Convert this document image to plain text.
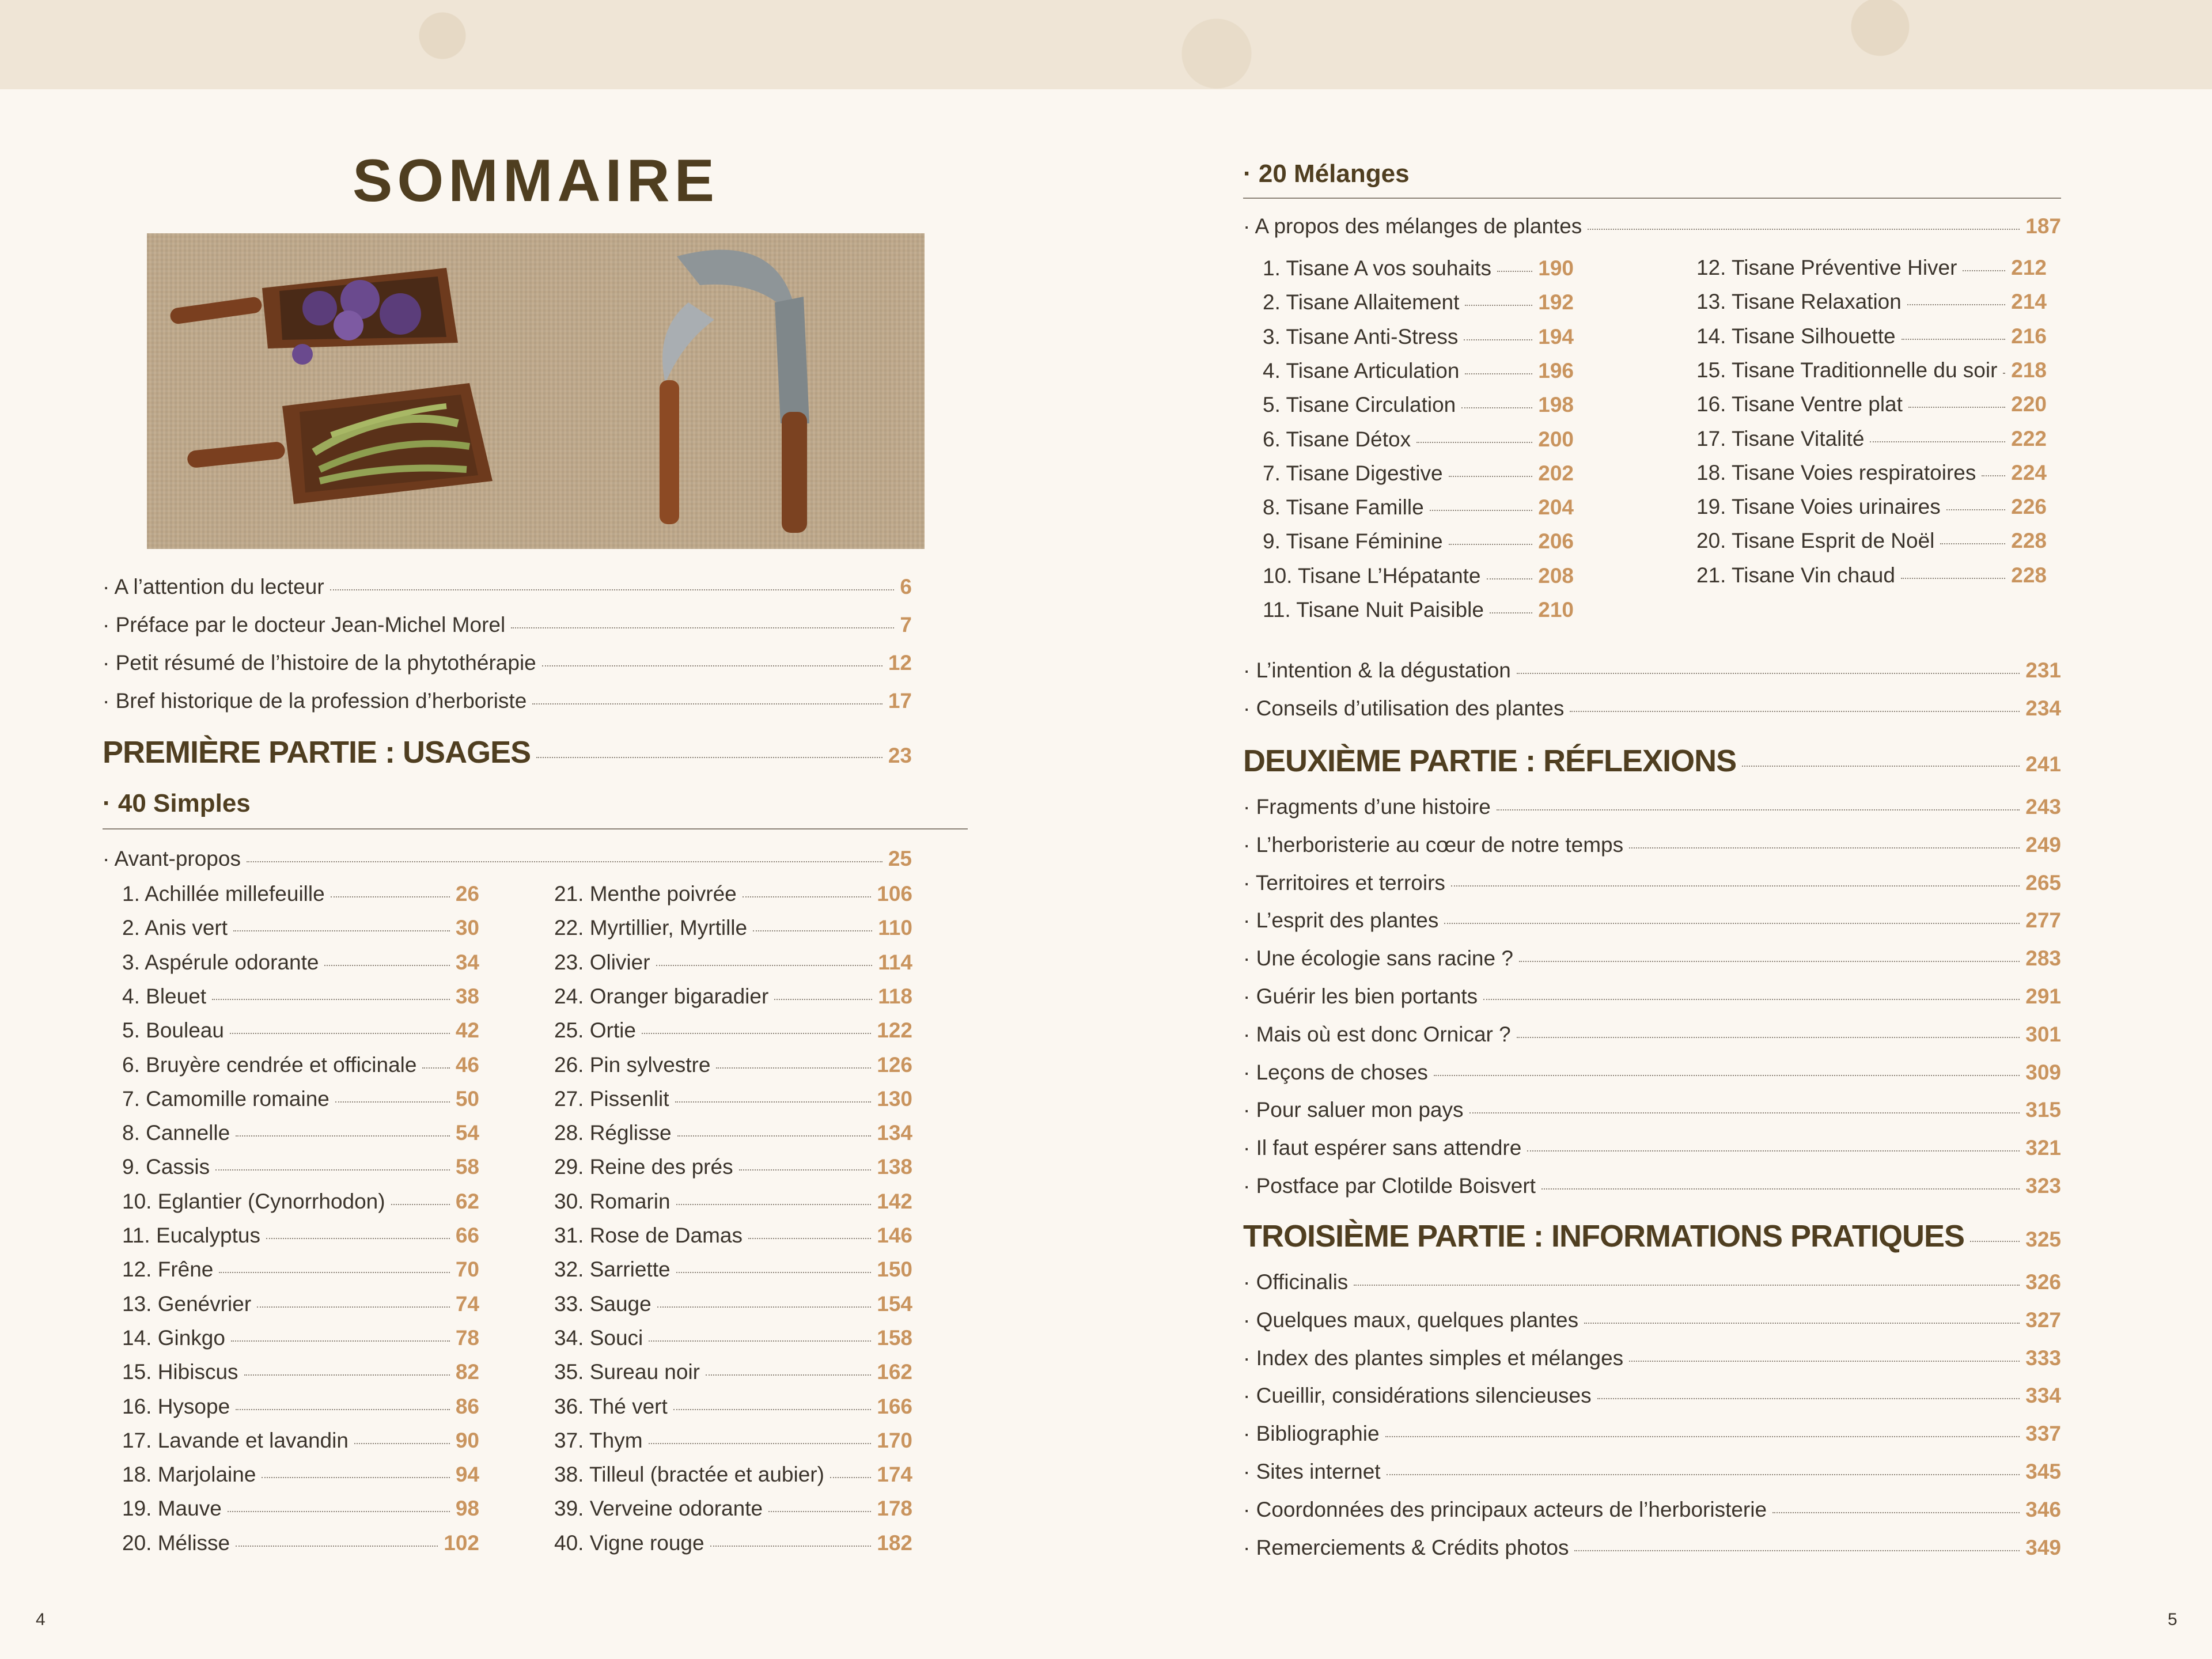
SOMMAIRE
· A l’attention du lecteur	6
· Préface par le docteur Jean-Michel Morel	7
· Petit résumé de l’histoire de la phytothérapie	12
· Bref historique de la profession d’herboriste	17
PREMIÈRE PARTIE : USAGES	23
· 40 Simples
· Avant-propos	25
1. Achillée millefeuille	26
2. Anis vert	30
3. Aspérule odorante	34
4. Bleuet	38
5. Bouleau	42
6. Bruyère cendrée et officinale 46
7. Camomille romaine	50
8. Cannelle	54
9. Cassis	58
10. Eglantier (Cynorrhodon)	62
11. Eucalyptus	66
12. Frêne	70
13. Genévrier	74
14. Ginkgo	78
15. Hibiscus	82
16. Hysope	86
17. Lavande et lavandin	90
18. Marjolaine	94
19. Mauve	98
20. Mélisse	102
21. Menthe poivrée	106
22. Myrtillier, Myrtille	110
23. Olivier	114
24. Oranger bigaradier	118
25. Ortie	122
26. Pin sylvestre	126
27. Pissenlit	130
28. Réglisse	134
29. Reine des prés	138
30. Romarin	142
31. Rose de Damas	146
32. Sarriette	150
33. Sauge	154
34. Souci	158
35. Sureau noir	162
36. Thé vert	166
37. Thym	170
38. Tilleul (bractée et aubier) 174
39. Verveine odorante	178
40. Vigne rouge	182
4
· 20 Mélanges
· A propos des mélanges de plantes	187
1. Tisane A vos souhaits 190
2. Tisane Allaitement	192
3. Tisane Anti-Stress	194
4. Tisane Articulation	196
5. Tisane Circulation	198
6. Tisane Détox	200
7. Tisane Digestive	202
8. Tisane Famille	204
9. Tisane Féminine	206
10. Tisane L’Hépatante	208
11. Tisane Nuit Paisible	210
12. Tisane Préventive Hiver	212
13. Tisane Relaxation	214
14. Tisane Silhouette	216
15. Tisane Traditionnelle du soir 218
16. Tisane Ventre plat	220
17. Tisane Vitalité	222
18. Tisane Voies respiratoires 224
19. Tisane Voies urinaires	226
20. Tisane Esprit de Noël	228
21. Tisane Vin chaud	228
· L’intention & la dégustation	231
· Conseils d’utilisation des plantes	234
DEUXIÈME PARTIE : RÉFLEXIONS	241
· Fragments d’une histoire	243
· L’herboristerie au cœur de notre temps	249
· Territoires et terroirs	265
· L’esprit des plantes	277
· Une écologie sans racine ?	283
· Guérir les bien portants	291
· Mais où est donc Ornicar ?	301
· Leçons de choses	309
· Pour saluer mon pays	315
· Il faut espérer sans attendre	321
· Postface par Clotilde Boisvert	323
TROISIÈME PARTIE : INFORMATIONS PRATIQUES	325
· Officinalis	326
· Quelques maux, quelques plantes	327
· Index des plantes simples et mélanges	333
· Cueillir, considérations silencieuses	334
· Bibliographie	337
· Sites internet	345
· Coordonnées des principaux acteurs de l’herboristerie	346
· Remerciements & Crédits photos	349
5
